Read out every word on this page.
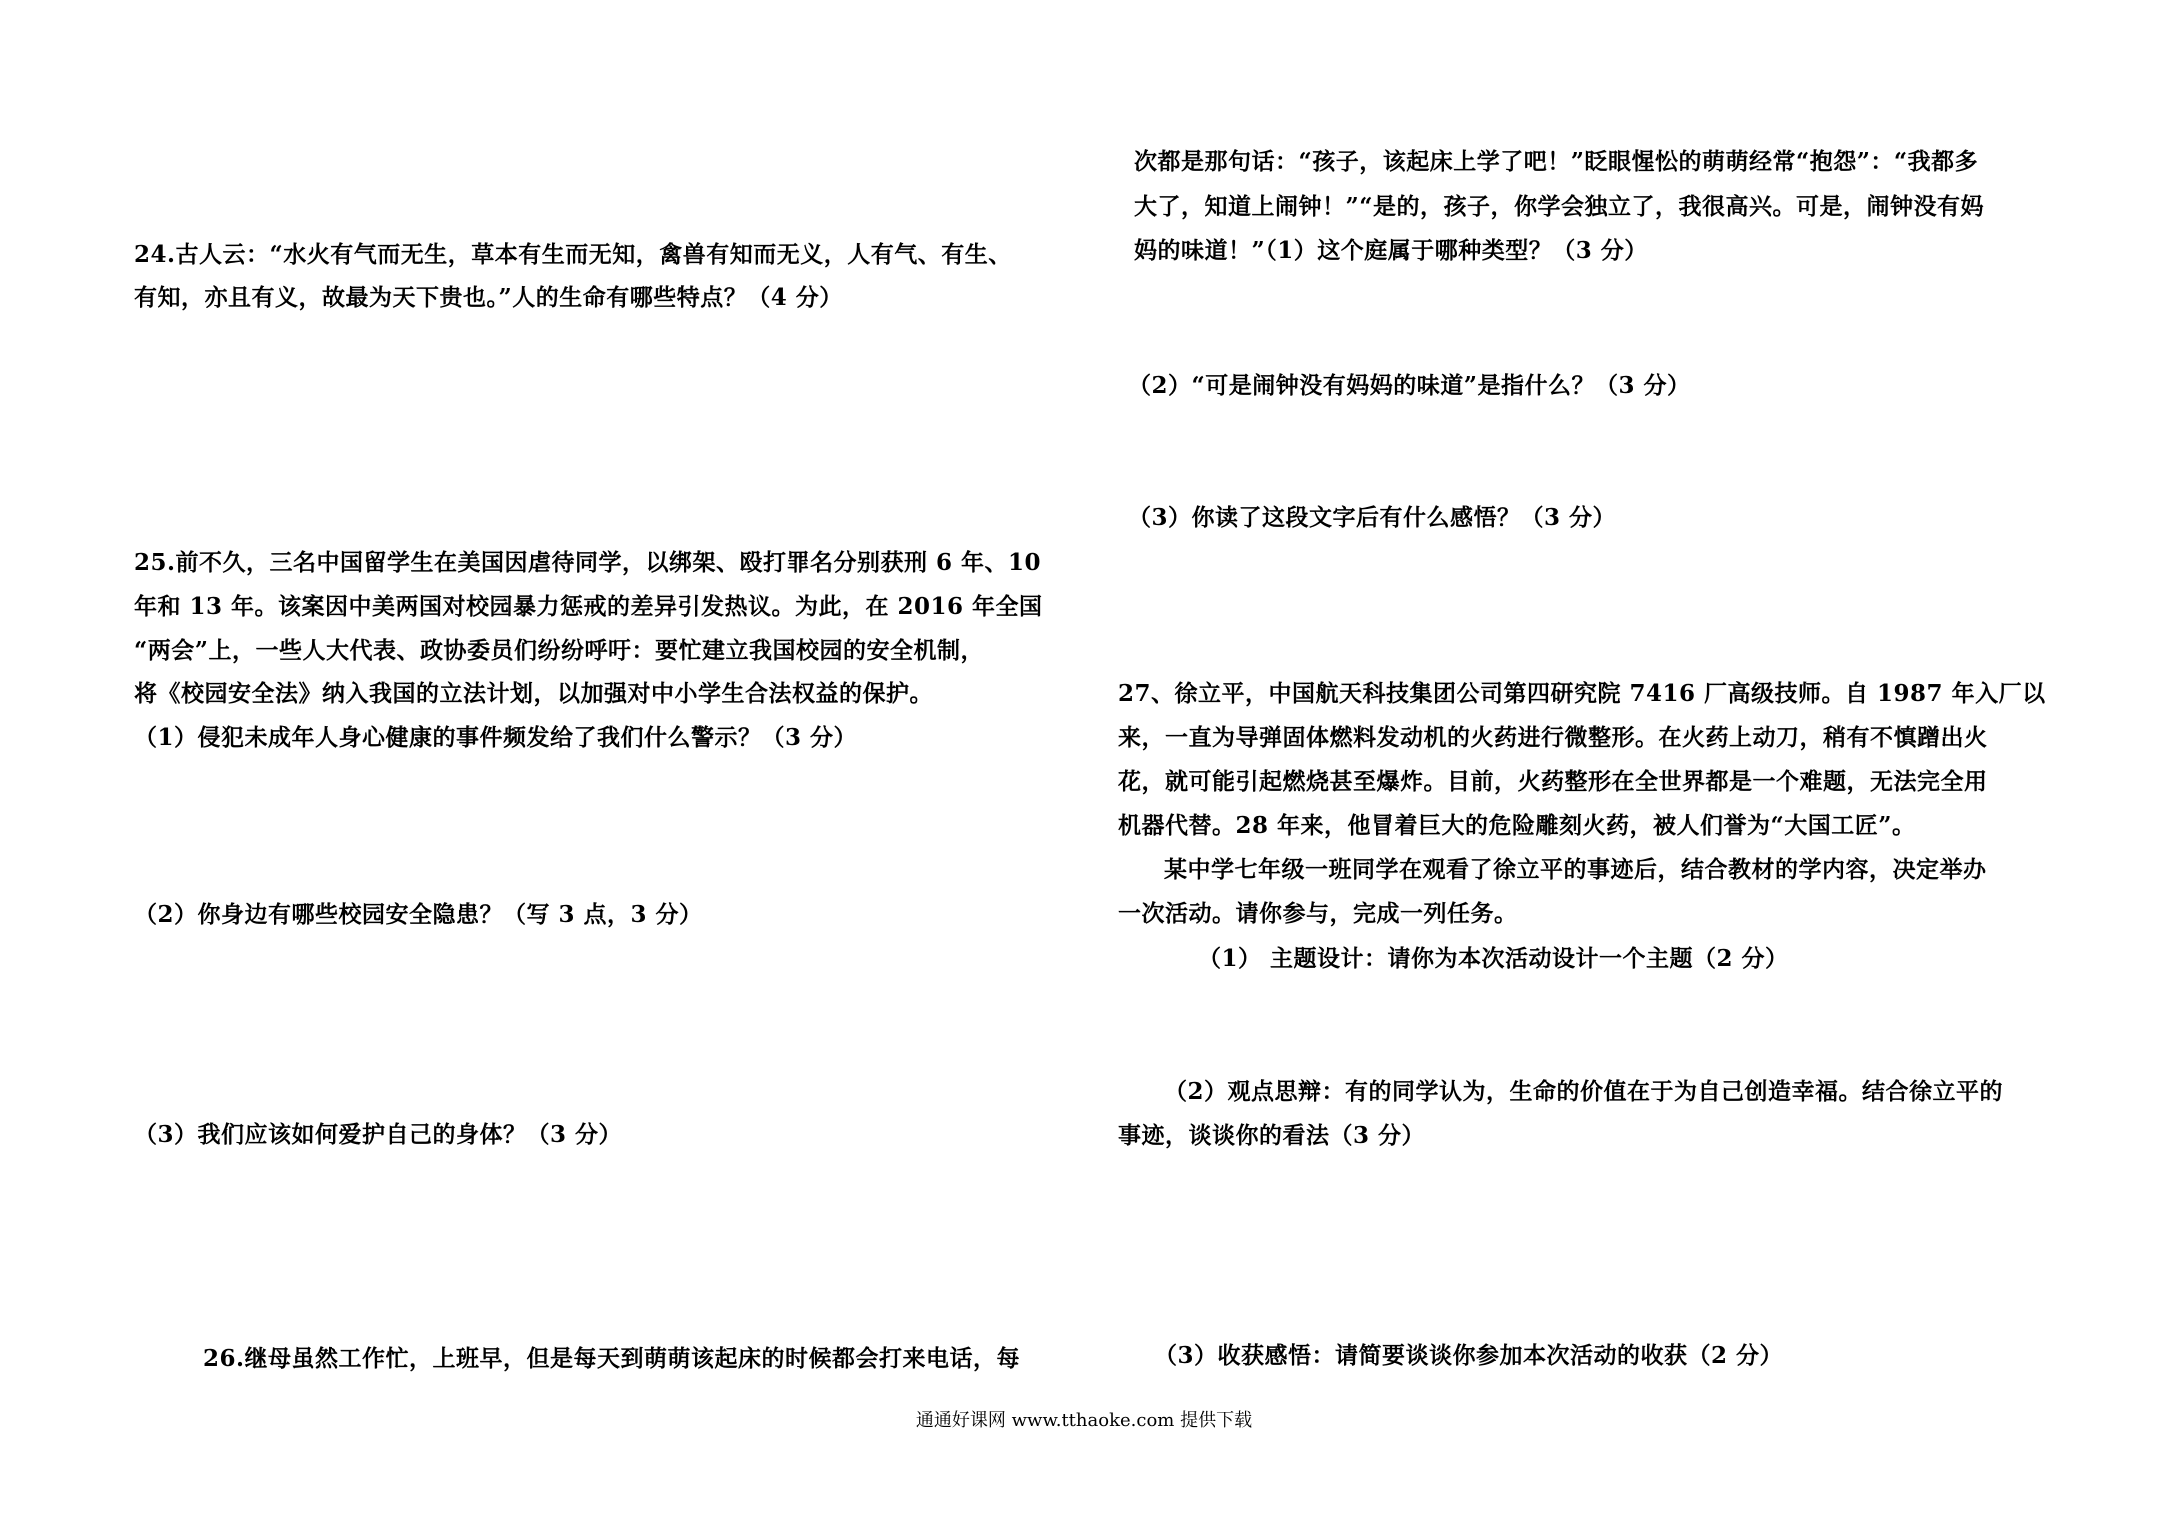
24.古人云：“水火有气而无生，草本有生而无知，禽兽有知而无义，人有气、有生、
有知，亦且有义，故最为天下贵也。”人的生命有哪些特点？（4 分）
25.前不久，三名中国留学生在美国因虐待同学，以绑架、殴打罪名分别获刑 6 年、10
年和 13 年。该案因中美两国对校园暴力惩戒的差异引发热议。为此，在 2016 年全国
“两会”上，一些人大代表、政协委员们纷纷呼吁：要忙建立我国校园的安全机制，
将《校园安全法》纳入我国的立法计划，以加强对中小学生合法权益的保护。
（1）侵犯未成年人身心健康的事件频发给了我们什么警示？（3 分）
（2）你身边有哪些校园安全隐患？（写 3 点，3 分）
（3）我们应该如何爱护自己的身体？（3 分）
26.继母虽然工作忙，上班早，但是每天到萌萌该起床的时候都会打来电话，每
次都是那句话：“孩子，该起床上学了吧！”眨眼惺忪的萌萌经常“抱怨”：“我都多
大了，知道上闹钟！”“是的，孩子，你学会独立了，我很高兴。可是，闹钟没有妈
妈的味道！”（1）这个庭属于哪种类型？（3 分）
（2）“可是闹钟没有妈妈的味道”是指什么？（3 分）
（3）你读了这段文字后有什么感悟？（3 分）
27、徐立平，中国航天科技集团公司第四研究院 7416 厂高级技师。自 1987 年入厂以
来，一直为导弹固体燃料发动机的火药进行微整形。在火药上动刀，稍有不慎蹭出火
花，就可能引起燃烧甚至爆炸。目前，火药整形在全世界都是一个难题，无法完全用
机器代替。28 年来，他冒着巨大的危险雕刻火药，被人们誉为“大国工匠”。
某中学七年级一班同学在观看了徐立平的事迹后，结合教材的学内容，决定举办
一次活动。请你参与，完成一列任务。
（1） 主题设计：请你为本次活动设计一个主题（2 分）
（2）观点思辩：有的同学认为，生命的价值在于为自己创造幸福。结合徐立平的
事迹，谈谈你的看法（3 分）
（3）收获感悟：请简要谈谈你参加本次活动的收获（2 分）
通通好课网 www.tthaoke.com 提供下载
